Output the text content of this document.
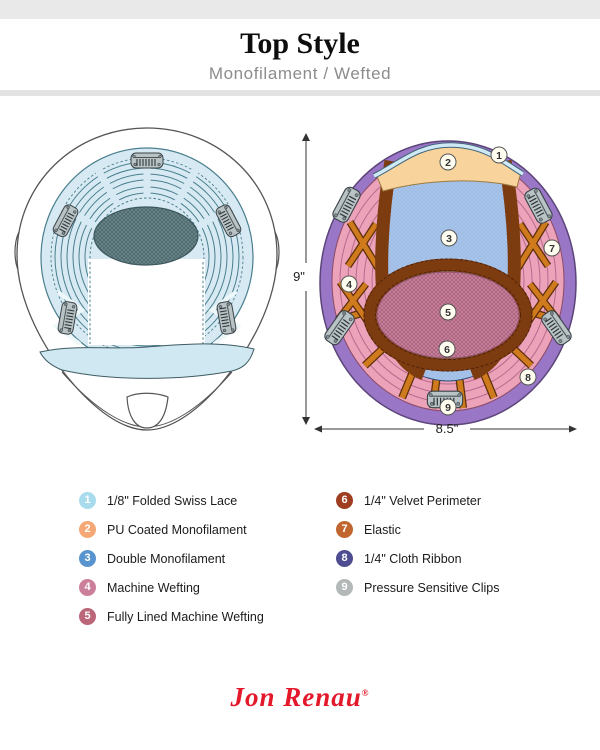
Top Style
Monofilament / Wefted
1
2
3
4
5
6
7
8
9
9"
8.5"
1	1/8" Folded Swiss Lace
2	PU Coated Monofilament
3	Double Monofilament
4	Machine Wefting
5	Fully Lined Machine Wefting
6	1/4" Velvet Perimeter
7	Elastic
8	1/4" Cloth Ribbon
9	Pressure Sensitive Clips
Jon Renau®
